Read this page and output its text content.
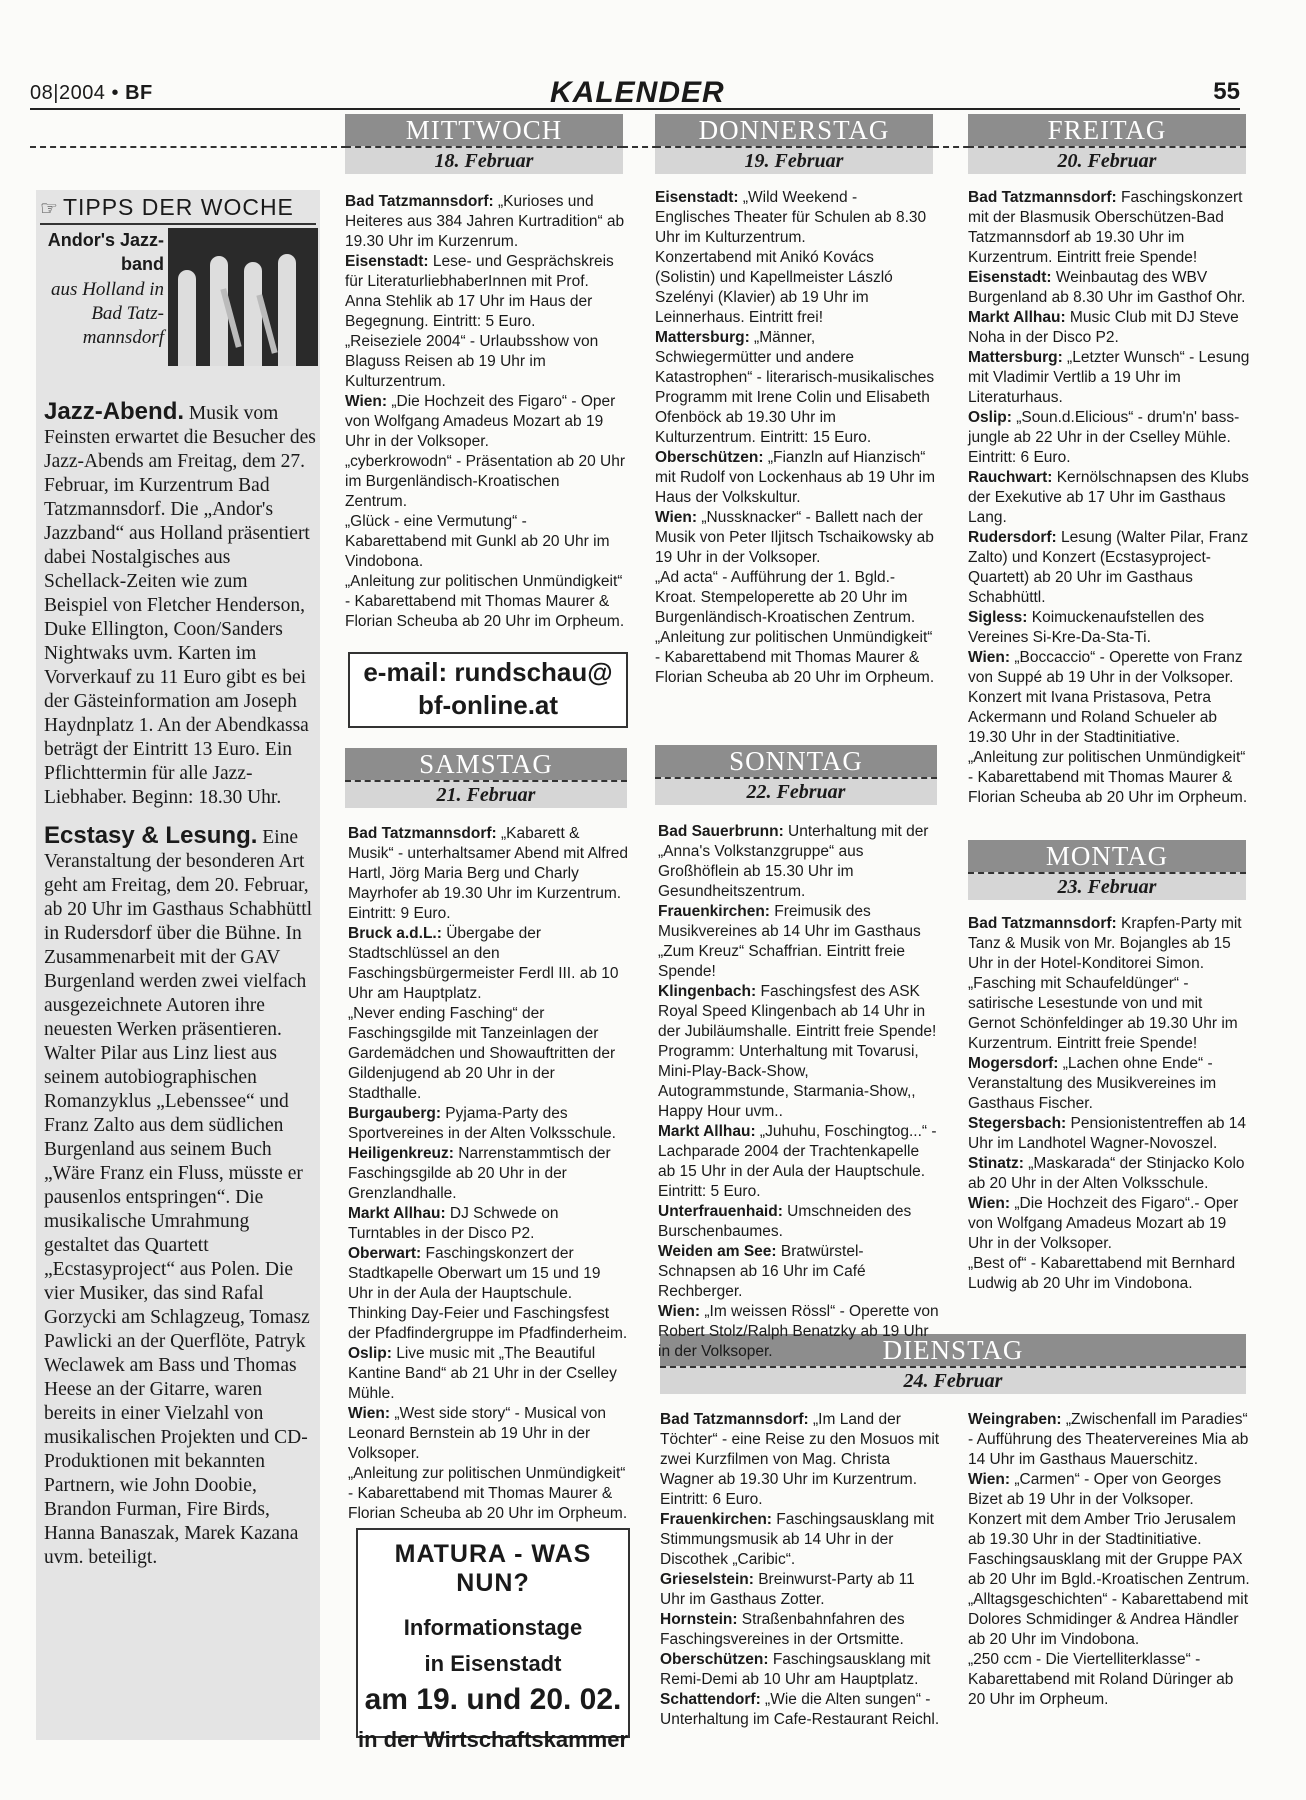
08|2004 • BF	KALENDER	55
☞ TIPPS DER WOCHE
Andor's Jazz-band
aus Holland in Bad Tatz-mannsdorf

Jazz-Abend. Musik vom Feinsten erwartet die Besucher des Jazz-Abends am Freitag, dem 27. Februar, im Kurzentrum Bad Tatzmannsdorf. Die „Andor's Jazzband“ aus Holland präsentiert dabei Nostalgisches aus Schellack-Zeiten wie zum Beispiel von Fletcher Henderson, Duke Ellington, Coon/Sanders Nightwaks uvm. Karten im Vorverkauf zu 11 Euro gibt es bei der Gästeinformation am Joseph Haydnplatz 1. An der Abendkassa beträgt der Eintritt 13 Euro. Ein Pflichttermin für alle Jazz-Liebhaber. Beginn: 18.30 Uhr.

Ecstasy & Lesung. Eine Veranstaltung der besonderen Art geht am Freitag, dem 20. Februar, ab 20 Uhr im Gasthaus Schabhüttl in Rudersdorf über die Bühne. In Zusammenarbeit mit der GAV Burgenland werden zwei vielfach ausgezeichnete Autoren ihre neuesten Werken präsentieren. Walter Pilar aus Linz liest aus seinem autobiographischen Romanzyklus „Lebenssee“ und Franz Zalto aus dem südlichen Burgenland aus seinem Buch „Wäre Franz ein Fluss, müsste er pausenlos entspringen“. Die musikalische Umrahmung gestaltet das Quartett „Ecstasyproject“ aus Polen. Die vier Musiker, das sind Rafal Gorzycki am Schlagzeug, Tomasz Pawlicki an der Querflöte, Patryk Weclawek am Bass und Thomas Heese an der Gitarre, waren bereits in einer Vielzahl von musikalischen Projekten und CD-Produktionen mit bekannten Partnern, wie John Doobie, Brandon Furman, Fire Birds, Hanna Banaszak, Marek Kazana uvm. beteiligt.

MITTWOCH
18. Februar
DONNERSTAG
19. Februar
FREITAG
20. Februar
SAMSTAG
21. Februar
SONNTAG
22. Februar
MONTAG
23. Februar
DIENSTAG
24. Februar

Bad Tatzmannsdorf: „Kurioses und Heiteres aus 384 Jahren Kurtradition“ ab 19.30 Uhr im Kurzenrum.

Eisenstadt: Lese- und Gesprächskreis für LiteraturliebhaberInnen mit Prof. Anna Stehlik ab 17 Uhr im Haus der Begegnung. Eintritt: 5 Euro.

„Reiseziele 2004“ - Urlaubsshow von Blaguss Reisen ab 19 Uhr im Kulturzentrum.

Wien: „Die Hochzeit des Figaro“ - Oper von Wolfgang Amadeus Mozart ab 19 Uhr in der Volksoper.

„cyberkrowodn“ - Präsentation ab 20 Uhr im Burgenländisch-Kroatischen Zentrum.

„Glück - eine Vermutung“ - Kabarettabend mit Gunkl ab 20 Uhr im Vindobona.

„Anleitung zur politischen Unmündigkeit“ - Kabarettabend mit Thomas Maurer & Florian Scheuba ab 20 Uhr im Orpheum.

Eisenstadt: „Wild Weekend - Englisches Theater für Schulen ab 8.30 Uhr im Kulturzentrum.

Konzertabend mit Anikó Kovács (Solistin) und Kapellmeister László Szelényi (Klavier) ab 19 Uhr im Leinnerhaus. Eintritt frei!

Mattersburg: „Männer, Schwiegermütter und andere Katastrophen“ - literarisch-musikalisches Programm mit Irene Colin und Elisabeth Ofenböck ab 19.30 Uhr im Kulturzentrum. Eintritt: 15 Euro.

Oberschützen: „Fianzln auf Hianzisch“ mit Rudolf von Lockenhaus ab 19 Uhr im Haus der Volkskultur.

Wien: „Nussknacker“ - Ballett nach der Musik von Peter Iljitsch Tschaikowsky ab 19 Uhr in der Volksoper.

„Ad acta“ - Aufführung der 1. Bgld.-Kroat. Stempeloperette ab 20 Uhr im Burgenländisch-Kroatischen Zentrum.

„Anleitung zur politischen Unmündigkeit“ - Kabarettabend mit Thomas Maurer & Florian Scheuba ab 20 Uhr im Orpheum.

Bad Tatzmannsdorf: Faschingskonzert mit der Blasmusik Oberschützen-Bad Tatzmannsdorf ab 19.30 Uhr im Kurzentrum. Eintritt freie Spende!

Eisenstadt: Weinbautag des WBV Burgenland ab 8.30 Uhr im Gasthof Ohr.

Markt Allhau: Music Club mit DJ Steve Noha in der Disco P2.

Mattersburg: „Letzter Wunsch“ - Lesung mit Vladimir Vertlib a 19 Uhr im Literaturhaus.

Oslip: „Soun.d.Elicious“ - drum'n' bass-jungle ab 22 Uhr in der Cselley Mühle. Eintritt: 6 Euro.

Rauchwart: Kernölschnapsen des Klubs der Exekutive ab 17 Uhr im Gasthaus Lang.

Rudersdorf: Lesung (Walter Pilar, Franz Zalto) und Konzert (Ecstasyproject-Quartett) ab 20 Uhr im Gasthaus Schabhüttl.

Sigless: Koimuckenaufstellen des Vereines Si-Kre-Da-Sta-Ti.

Wien: „Boccaccio“ - Operette von Franz von Suppé ab 19 Uhr in der Volksoper.

Konzert mit Ivana Pristasova, Petra Ackermann und Roland Schueler ab 19.30 Uhr in der Stadtinitiative.

„Anleitung zur politischen Unmündigkeit“ - Kabarettabend mit Thomas Maurer & Florian Scheuba ab 20 Uhr im Orpheum.

Bad Tatzmannsdorf: „Kabarett & Musik“ - unterhaltsamer Abend mit Alfred Hartl, Jörg Maria Berg und Charly Mayrhofer ab 19.30 Uhr im Kurzentrum. Eintritt: 9 Euro.

Bruck a.d.L.: Übergabe der Stadtschlüssel an den Faschingsbürgermeister Ferdl III. ab 10 Uhr am Hauptplatz.

„Never ending Fasching“ der Faschingsgilde mit Tanzeinlagen der Gardemädchen und Showauftritten der Gildenjugend ab 20 Uhr in der Stadthalle.

Burgauberg: Pyjama-Party des Sportvereines in der Alten Volksschule.

Heiligenkreuz: Narrenstammtisch der Faschingsgilde ab 20 Uhr in der Grenzlandhalle.

Markt Allhau: DJ Schwede on Turntables in der Disco P2.

Oberwart: Faschingskonzert der Stadtkapelle Oberwart um 15 und 19 Uhr in der Aula der Hauptschule.

Thinking Day-Feier und Faschingsfest der Pfadfindergruppe im Pfadfinderheim.

Oslip: Live music mit „The Beautiful Kantine Band“ ab 21 Uhr in der Cselley Mühle.

Wien: „West side story“ - Musical von Leonard Bernstein ab 19 Uhr in der Volksoper.

„Anleitung zur politischen Unmündigkeit“ - Kabarettabend mit Thomas Maurer & Florian Scheuba ab 20 Uhr im Orpheum.

Bad Sauerbrunn: Unterhaltung mit der „Anna's Volkstanzgruppe“ aus Großhöflein ab 15.30 Uhr im Gesundheitszentrum.

Frauenkirchen: Freimusik des Musikvereines ab 14 Uhr im Gasthaus „Zum Kreuz“ Schaffrian. Eintritt freie Spende!

Klingenbach: Faschingsfest des ASK Royal Speed Klingenbach ab 14 Uhr in der Jubiläumshalle. Eintritt freie Spende! Programm: Unterhaltung mit Tovarusi, Mini-Play-Back-Show, Autogrammstunde, Starmania-Show,, Happy Hour uvm..

Markt Allhau: „Juhuhu, Foschingtog...“ - Lachparade 2004 der Trachtenkapelle ab 15 Uhr in der Aula der Hauptschule. Eintritt: 5 Euro.

Unterfrauenhaid: Umschneiden des Burschenbaumes.

Weiden am See: Bratwürstel-Schnapsen ab 16 Uhr im Café Rechberger.

Wien: „Im weissen Rössl“ - Operette von Robert Stolz/Ralph Benatzky ab 19 Uhr in der Volksoper.

Bad Tatzmannsdorf: Krapfen-Party mit Tanz & Musik von Mr. Bojangles ab 15 Uhr in der Hotel-Konditorei Simon.

„Fasching mit Schaufeldünger“ - satirische Lesestunde von und mit Gernot Schönfeldinger ab 19.30 Uhr im Kurzentrum. Eintritt freie Spende!

Mogersdorf: „Lachen ohne Ende“ - Veranstaltung des Musikvereines im Gasthaus Fischer.

Stegersbach: Pensionistentreffen ab 14 Uhr im Landhotel Wagner-Novoszel.

Stinatz: „Maskarada“ der Stinjacko Kolo ab 20 Uhr in der Alten Volksschule.

Wien: „Die Hochzeit des Figaro“.- Oper von Wolfgang Amadeus Mozart ab 19 Uhr in der Volksoper.

„Best of“ - Kabarettabend mit Bernhard Ludwig ab 20 Uhr im Vindobona.

Bad Tatzmannsdorf: „Im Land der Töchter“ - eine Reise zu den Mosuos mit zwei Kurzfilmen von Mag. Christa Wagner ab 19.30 Uhr im Kurzentrum. Eintritt: 6 Euro.

Frauenkirchen: Faschingsausklang mit Stimmungsmusik ab 14 Uhr in der Discothek „Caribic“.

Grieselstein: Breinwurst-Party ab 11 Uhr im Gasthaus Zotter.

Hornstein: Straßenbahnfahren des Faschingsvereines in der Ortsmitte.

Oberschützen: Faschingsausklang mit Remi-Demi ab 10 Uhr am Hauptplatz.

Schattendorf: „Wie die Alten sungen“ - Unterhaltung im Cafe-Restaurant Reichl.

Weingraben: „Zwischenfall im Paradies“ - Aufführung des Theatervereines Mia ab 14 Uhr im Gasthaus Mauerschitz.

Wien: „Carmen“ - Oper von Georges Bizet ab 19 Uhr in der Volksoper.

Konzert mit dem Amber Trio Jerusalem ab 19.30 Uhr in der Stadtinitiative.

Faschingsausklang mit der Gruppe PAX ab 20 Uhr im Bgld.-Kroatischen Zentrum.

„Alltagsgeschichten“ - Kabarettabend mit Dolores Schmidinger & Andrea Händler ab 20 Uhr im Vindobona.

„250 ccm - Die Viertelliterklasse“ - Kabarettabend mit Roland Düringer ab 20 Uhr im Orpheum.

e-mail: rundschau@
bf-online.at
MATURA - WAS NUN?
Informationstage
in Eisenstadt
am 19. und 20. 02.
in der Wirtschaftskammer
